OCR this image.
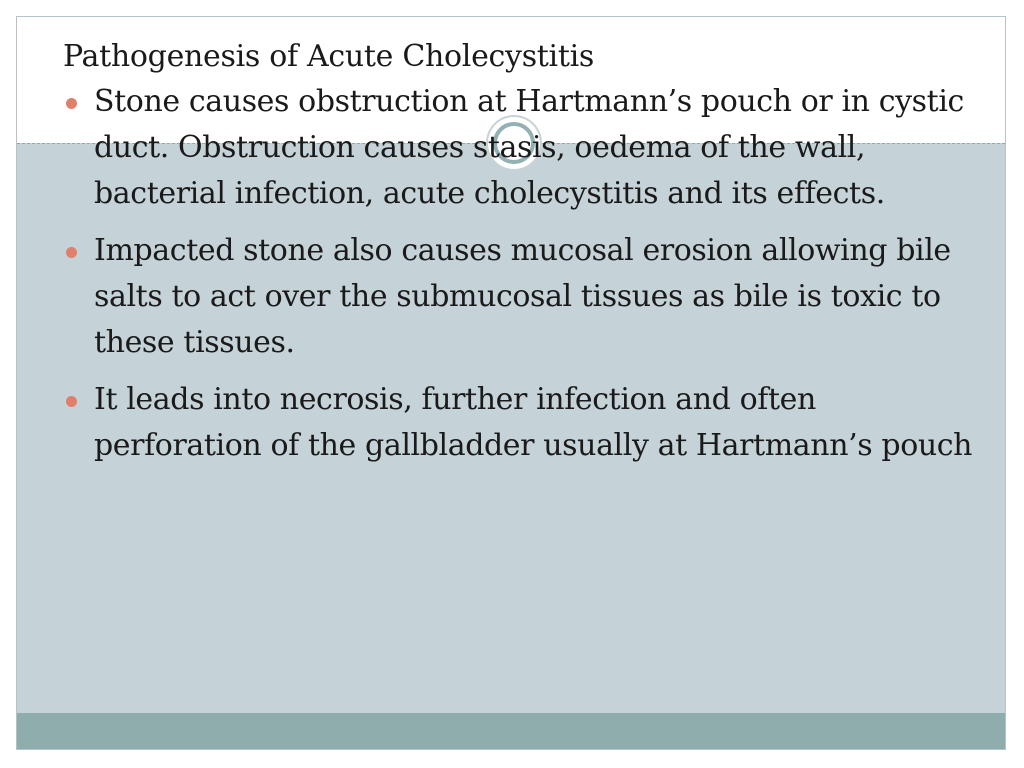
Pathogenesis of Acute Cholecystitis
Stone causes obstruction at Hartmann’s pouch or in cystic duct. Obstruction causes stasis, oedema of the wall, bacterial infection, acute cholecystitis and its effects.
Impacted stone also causes mucosal erosion allowing bile salts to act over the submucosal tissues as bile is toxic to these tissues.
It leads into necrosis, further infection and often perforation of the gallbladder usually at Hartmann’s pouch
